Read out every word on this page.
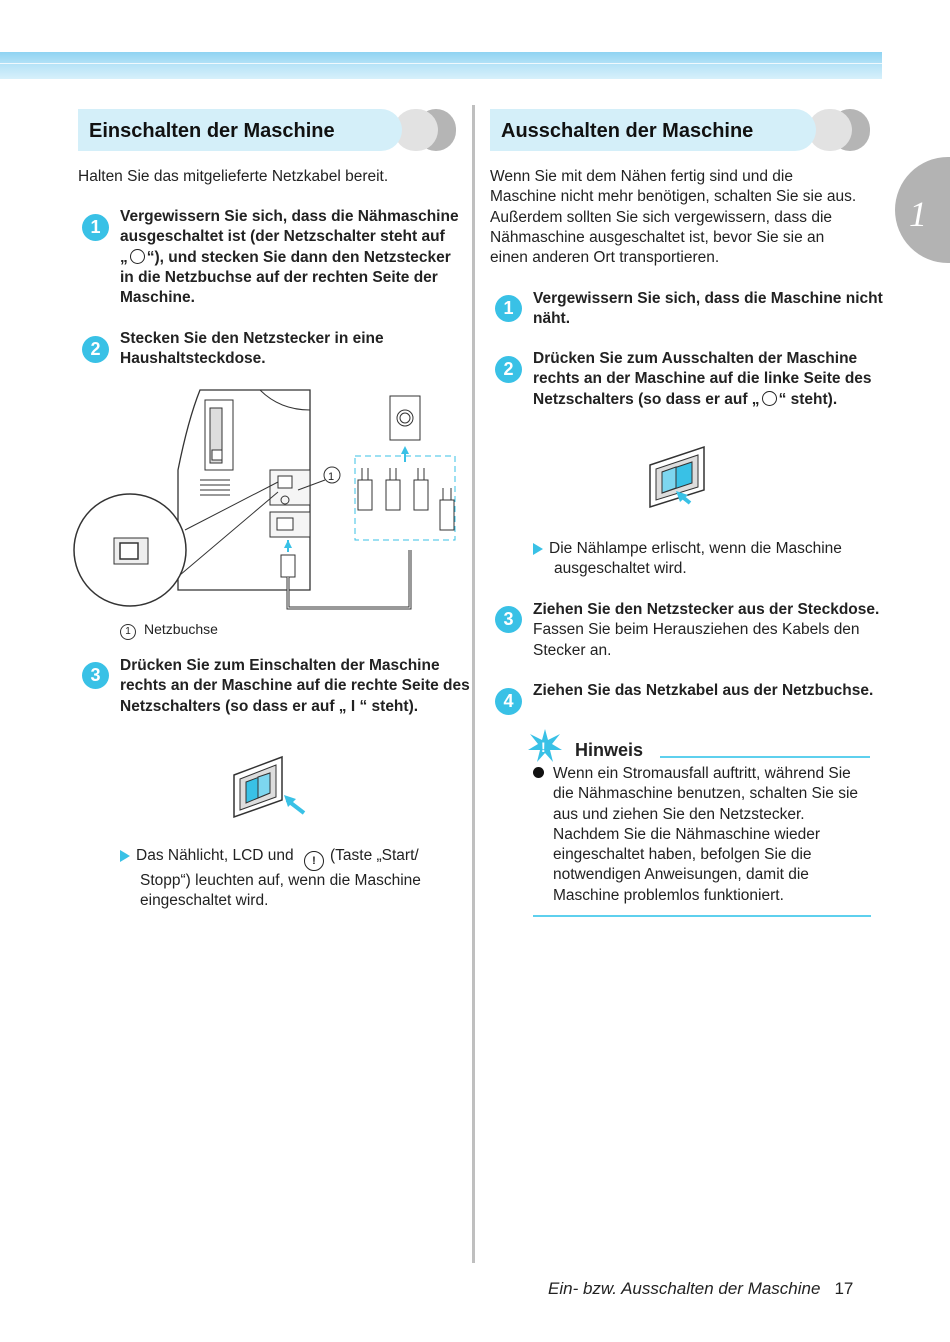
1
Einschalten der Maschine
Halten Sie das mitgelieferte Netzkabel bereit.
1
Vergewissern Sie sich, dass die Nähmaschine
ausgeschaltet ist (der Netzschalter steht auf
„ “), und stecken Sie dann den Netzstecker
in die Netzbuchse auf der rechten Seite der
Maschine.
2
Stecken Sie den Netzstecker in eine
Haushaltsteckdose.
1
1 Netzbuchse
3	Drücken Sie zum Einschalten der Maschine
rechts an der Maschine auf die rechte Seite des
Netzschalters (so dass er auf „ I “ steht).
Das Nählicht, LCD und ! (Taste „Start/
Stopp“) leuchten auf, wenn die Maschine
eingeschaltet wird.
Ausschalten der Maschine
Wenn Sie mit dem Nähen fertig sind und die
Maschine nicht mehr benötigen, schalten Sie sie aus.
Außerdem sollten Sie sich vergewissern, dass die
Nähmaschine ausgeschaltet ist, bevor Sie sie an
einen anderen Ort transportieren.
1	Vergewissern Sie sich, dass die Maschine nicht
näht.
2
Drücken Sie zum Ausschalten der Maschine
rechts an der Maschine auf die linke Seite des
Netzschalters (so dass er auf „ “ steht).
Die Nählampe erlischt, wenn die Maschine
ausgeschaltet wird.
3	Ziehen Sie den Netzstecker aus der Steckdose.
Fassen Sie beim Herausziehen des Kabels den
Stecker an.
4
Ziehen Sie das Netzkabel aus der Netzbuchse.
! Hinweis
Wenn ein Stromausfall auftritt, während Sie
die Nähmaschine benutzen, schalten Sie sie
aus und ziehen Sie den Netzstecker.
Nachdem Sie die Nähmaschine wieder
eingeschaltet haben, befolgen Sie die
notwendigen Anweisungen, damit die
Maschine problemlos funktioniert.
Ein- bzw. Ausschalten der Maschine 17
